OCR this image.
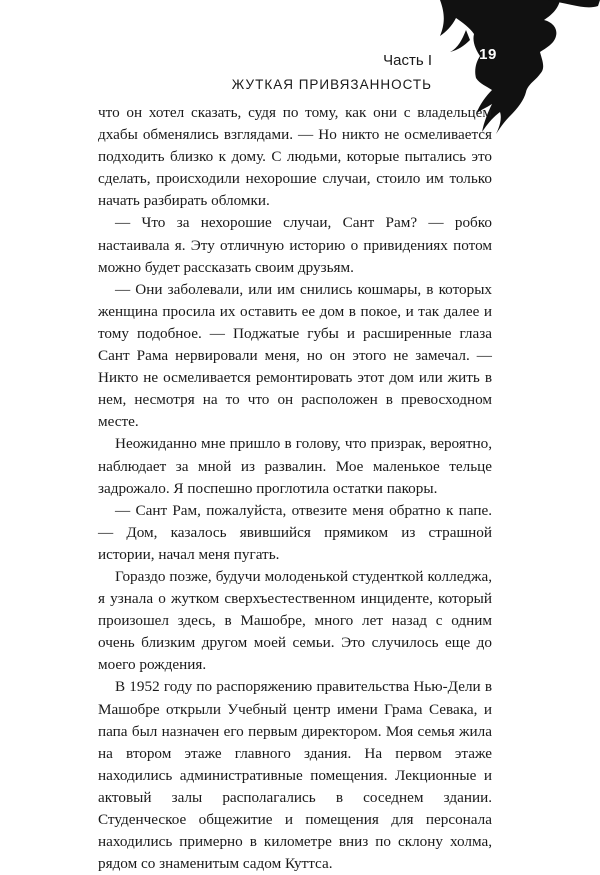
19
Часть I
ЖУТКАЯ ПРИВЯЗАННОСТЬ

что он хотел сказать, судя по тому, как они с владельцем дхабы обменялись взглядами. — Но никто не осмеливается подходить близко к дому. С людьми, которые пытались это сделать, происходили нехорошие случаи, стоило им только начать разбирать обломки.

— Что за нехорошие случаи, Сант Рам? — робко настаивала я. Эту отличную историю о привидениях потом можно будет рассказать своим друзьям.

— Они заболевали, или им снились кошмары, в которых женщина просила их оставить ее дом в покое, и так далее и тому подобное. — Поджатые губы и расширенные глаза Сант Рама нервировали меня, но он этого не замечал. — Никто не осмеливается ремонтировать этот дом или жить в нем, несмотря на то что он расположен в превосходном месте.

Неожиданно мне пришло в голову, что призрак, вероятно, наблюдает за мной из развалин. Мое маленькое тельце задрожало. Я поспешно проглотила остатки пакоры.

— Сант Рам, пожалуйста, отвезите меня обратно к папе. — Дом, казалось явившийся прямиком из страшной истории, начал меня пугать.

Гораздо позже, будучи молоденькой студенткой колледжа, я узнала о жутком сверхъестественном инциденте, который произошел здесь, в Машобре, много лет назад с одним очень близким другом моей семьи. Это случилось еще до моего рождения.

В 1952 году по распоряжению правительства Нью-Дели в Машобре открыли Учебный центр имени Грама Севака, и папа был назначен его первым директором. Моя семья жила на втором этаже главного здания. На первом этаже находились административные помещения. Лекционные и актовый залы располагались в соседнем здании. Студенческое общежитие и помещения для персонала находились примерно в километре вниз по склону холма, рядом со знаменитым садом Куттса.
